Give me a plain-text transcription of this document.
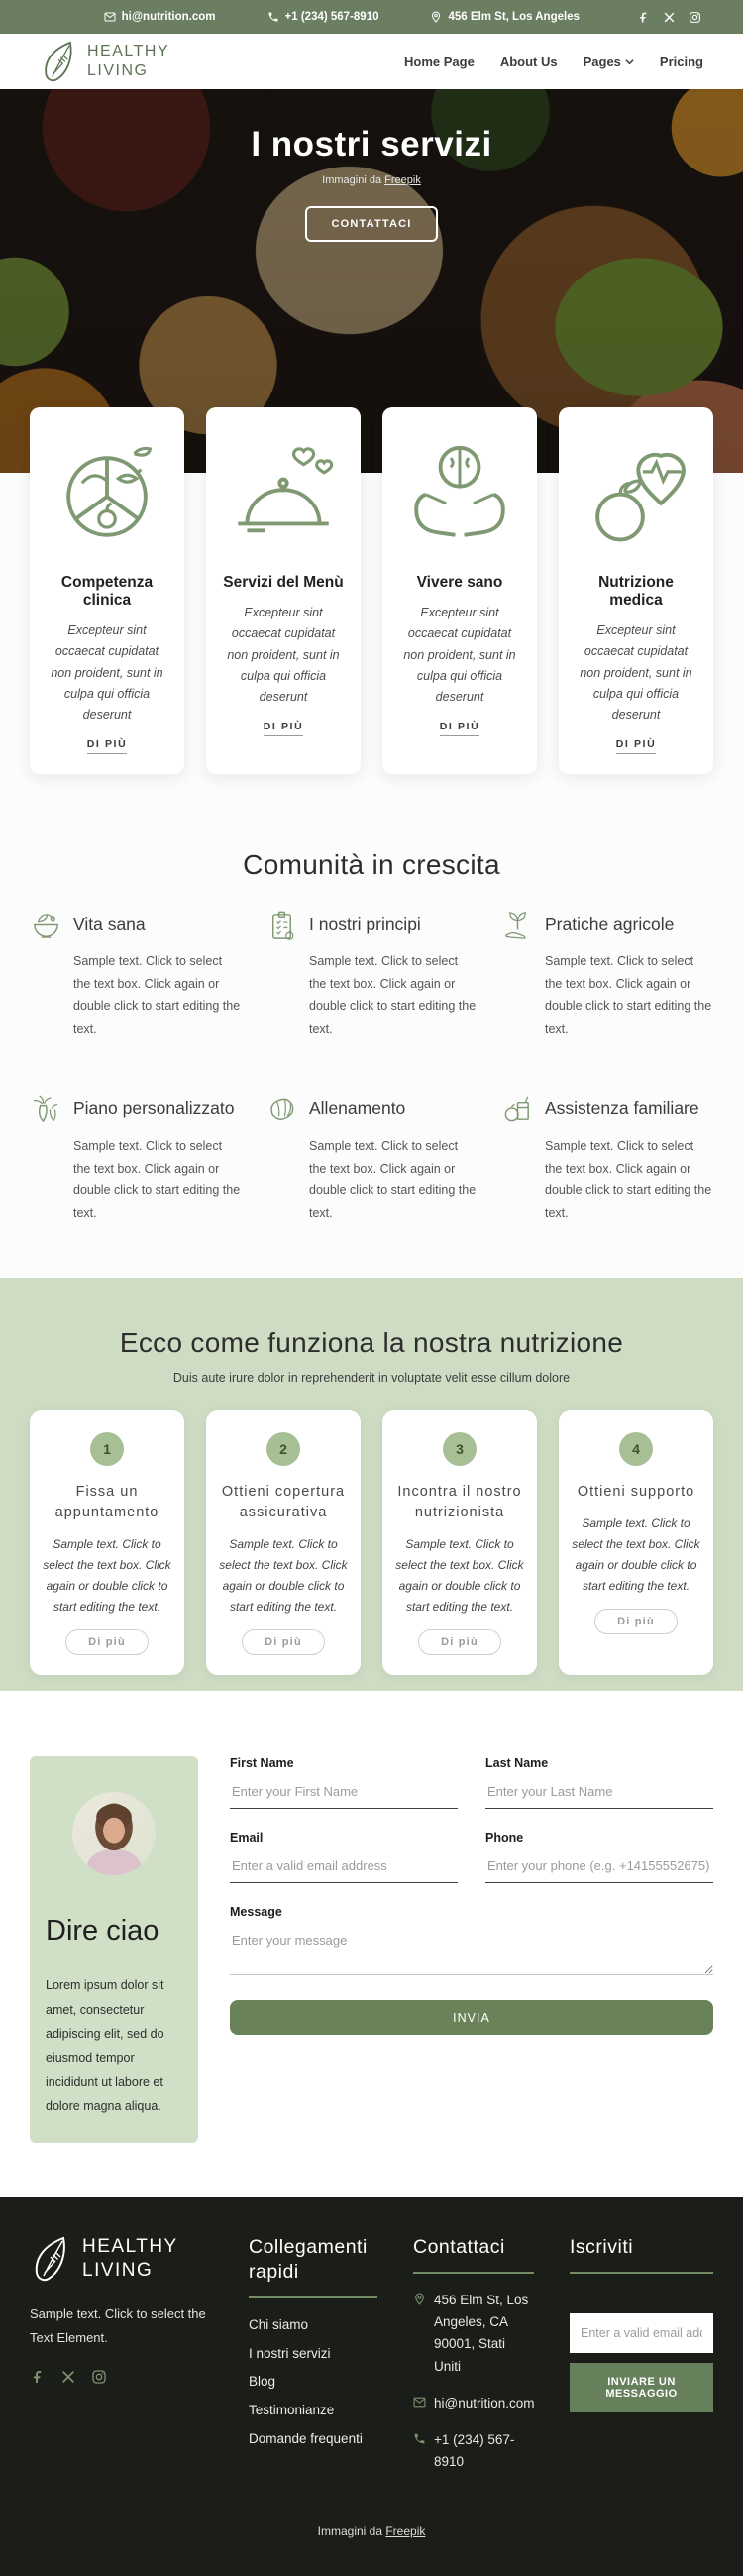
hi@nutrition.com	+1 (234) 567-8910	456 Elm St, Los Angeles
HEALTHY
LIVING
Home Page About Us Pages	Pricing
I nostri servizi
Immagini da Freepik
CONTATTACI
Competenza clinica
Excepteur sint occaecat cupidatat non proident, sunt in culpa qui officia deserunt
DI PIÙ
Servizi del Menù
Excepteur sint occaecat cupidatat non proident, sunt in culpa qui officia deserunt
DI PIÙ
Vivere sano
Excepteur sint occaecat cupidatat non proident, sunt in culpa qui officia deserunt
DI PIÙ
Nutrizione medica
Excepteur sint occaecat cupidatat non proident, sunt in culpa qui officia deserunt
DI PIÙ
Comunità in crescita
Vita sana
Sample text. Click to select the text box. Click again or double click to start editing the text.
I nostri principi
Sample text. Click to select the text box. Click again or double click to start editing the text.
Pratiche agricole
Sample text. Click to select the text box. Click again or double click to start editing the text.
Piano personalizzato
Sample text. Click to select the text box. Click again or double click to start editing the text.
Allenamento
Sample text. Click to select the text box. Click again or double click to start editing the text.
Assistenza familiare
Sample text. Click to select the text box. Click again or double click to start editing the text.
Ecco come funziona la nostra nutrizione
Duis aute irure dolor in reprehenderit in voluptate velit esse cillum dolore
1
Fissa un appuntamento
Sample text. Click to select the text box. Click again or double click to start editing the text.
Di più
2
Ottieni copertura assicurativa
Sample text. Click to select the text box. Click again or double click to start editing the text.
Di più
3
Incontra il nostro nutrizionista
Sample text. Click to select the text box. Click again or double click to start editing the text.
Di più
4
Ottieni supporto
Sample text. Click to select the text box. Click again or double click to start editing the text.
Di più
Dire ciao
Lorem ipsum dolor sit amet, consectetur adipiscing elit, sed do eiusmod tempor incididunt ut labore et dolore magna aliqua.
First Name
Enter your First Name	Last Name
Enter your Last Name
Email
Enter a valid email address	Phone
Enter your phone (e.g. +14155552675)
Message
Enter your message
INVIA
HEALTHY
LIVING
Sample text. Click to select the Text Element.
Collegamenti rapidi
Chi siamo
I nostri servizi
Blog
Testimonianze
Domande frequenti
Contattaci
456 Elm St, Los Angeles, CA 90001, Stati Uniti
hi@nutrition.com
+1 (234) 567-8910
Iscriviti
Enter a valid email address INVIARE UN MESSAGGIO
Immagini da Freepik
